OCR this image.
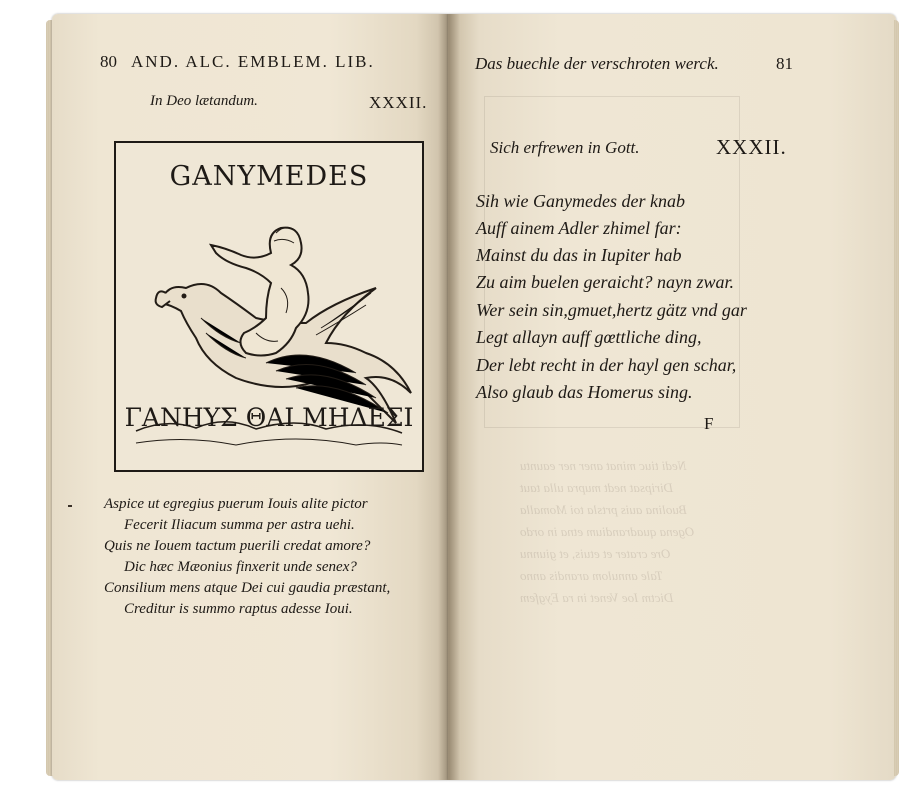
Nedi tiuc minat aner ner eauntu
Diripsat nedt mupra ulla taut
Buolina auis prtsla toi Momalla
Ogena quadrandium etna in ordo
Ore crater et etuis, et giunnu
Tale annulom arandis anno
Dictm Ioe Venet in ra Eygfem
80 AND. ALC. EMBLEM. LIB.
In Deo lætandum.	XXXII.
GANYMEDES
ΓΑΝΗΥΣ ΘΑΙ ΜΗΔΕΣΙ
Aspice ut egregius puerum Iouis alite pictor
Fecerit Iliacum summa per astra uehi.
Quis ne Iouem tactum puerili credat amore?
Dic hæc Mæonius finxerit unde senex?
Consilium mens atque Dei cui gaudia præstant,
Creditur is summo raptus adesse Ioui.
Das buechle der verschroten werck.	81
Sich erfrewen in Gott.	XXXII.
Sih wie Ganymedes der knab
Auff ainem Adler zhimel far:
Mainst du das in Iupiter hab
Zu aim buelen geraicht? nayn zwar.
Wer sein sin,gmuet,hertz gätz vnd gar
Legt allayn auff gœttliche ding,
Der lebt recht in der hayl gen schar,
Also glaub das Homerus sing.
F
